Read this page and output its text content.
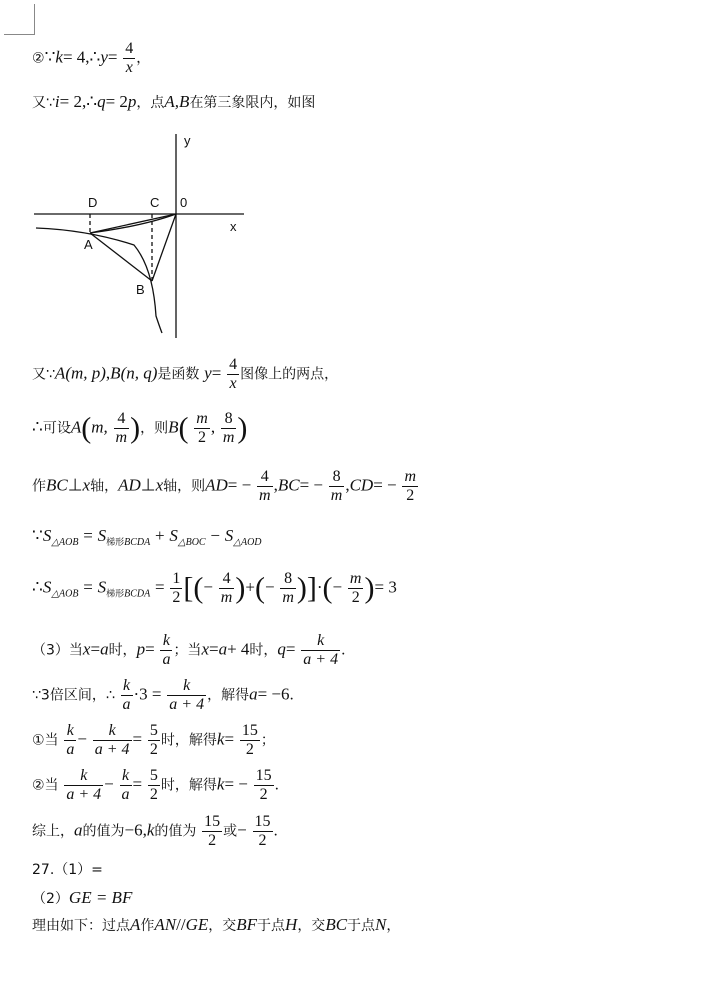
②∵k= 4,∴y= $\frac{4}{x}$ ，
又∵i= 2,∴q= 2p，点A,B在第三象限内，如图
y
x
D	C 0
A
B
又∵A(m, p),B(n, q)是函数 $y= \frac{4}{x}$ 图像上的两点，
∴可设A(m, $\frac{4}{m}$ )，则$B( \frac{m}{2}$ , $\frac{8}{m}$ )
作BC⊥x轴，AD⊥x轴，则$AD= - \frac{4}{m} ,BC= - \frac{8}{m} ,CD= - \frac{m}{2}$
$\because S_{\triangle AOB} = S_{梯形BCDA} + S_{\triangle BOC} - S_{\triangle AOD}$
$\therefore S_{\triangle AOB} = S_{梯形BCDA} = \frac{1}{2}$ [(− $\frac{4}{m}$ )+(− $\frac{8}{m}$ )]·(− $\frac{m}{2}$ )= 3
（3）当x=a时，$p= \frac{k}{a}$ ；当x=a+ 4时，$q= \frac{k}{a + 4}$ ．
∵3倍区间，∴ $\frac{k}{a} \cdot 3 = \frac{k}{a + 4}$ ，解得a= −6．
①当 $\frac{k}{a} - \frac{k}{a + 4} = \frac{5}{2}$ 时，解得$k= \frac{15}{2}$ ；
②当 $\frac{k}{a + 4} - \frac{k}{a} = \frac{5}{2}$ 时，解得$k= - \frac{15}{2}$ ．
综上，a的值为−6,k的值为 $\frac{15}{2}$ 或− $\frac{15}{2}$ ．
27.（1）=
（2）GE = BF
理由如下：过点A作AN//GE，交BF于点H，交BC于点N，
